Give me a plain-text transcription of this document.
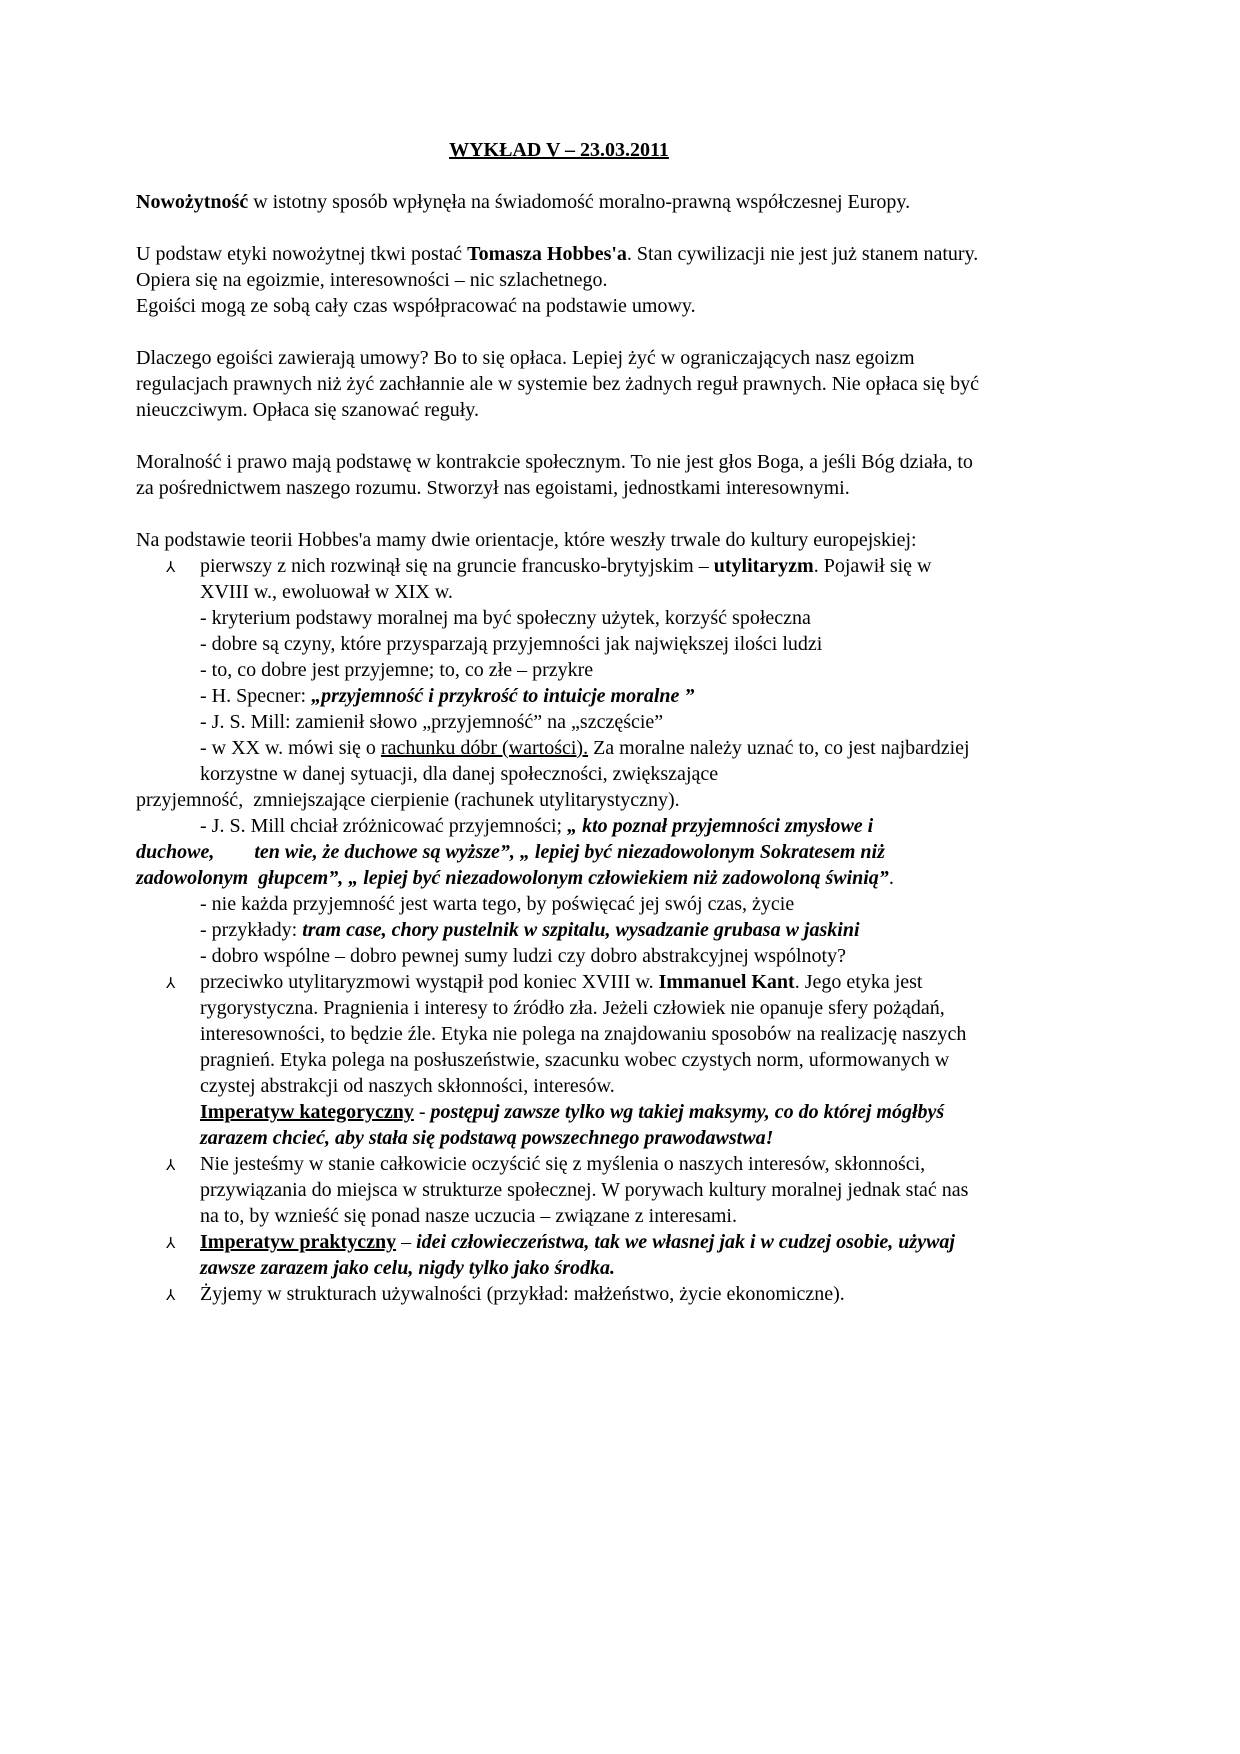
WYKŁAD V – 23.03.2011
Nowożytność w istotny sposób wpłynęła na świadomość moralno-prawną współczesnej Europy.
U podstaw etyki nowożytnej tkwi postać Tomasza Hobbes'a. Stan cywilizacji nie jest już stanem natury. Opiera się na egoizmie, interesowności – nic szlachetnego.
Egoiści mogą ze sobą cały czas współpracować na podstawie umowy.
Dlaczego egoiści zawierają umowy? Bo to się opłaca. Lepiej żyć w ograniczających nasz egoizm regulacjach prawnych niż żyć zachłannie ale w systemie bez żadnych reguł prawnych. Nie opłaca się być nieuczciwym. Opłaca się szanować reguły.
Moralność i prawo mają podstawę w kontrakcie społecznym. To nie jest głos Boga, a jeśli Bóg działa, to za pośrednictwem naszego rozumu. Stworzył nas egoistami, jednostkami interesownymi.
Na podstawie teorii Hobbes'a mamy dwie orientacje, które weszły trwale do kultury europejskiej:
⅄ pierwszy z nich rozwinął się na gruncie francusko-brytyjskim – utylitaryzm. Pojawił się w XVIII w., ewoluował w XIX w.
- kryterium podstawy moralnej ma być społeczny użytek, korzyść społeczna
- dobre są czyny, które przysparzają przyjemności jak największej ilości ludzi
- to, co dobre jest przyjemne; to, co złe – przykre
- H. Specner: „przyjemność i przykrość to intuicje moralne ”
- J. S. Mill: zamienił słowo „przyjemność” na „szczęście”
- w XX w. mówi się o rachunku dóbr (wartości). Za moralne należy uznać to, co jest najbardziej korzystne w danej sytuacji, dla danej społeczności, zwiększające
przyjemność,  zmniejszające cierpienie (rachunek utylitarystyczny).
- J. S. Mill chciał zróżnicować przyjemności; „ kto poznał przyjemności zmysłowe i
duchowe,        ten wie, że duchowe są wyższe”, „ lepiej być niezadowolonym Sokratesem niż zadowolonym  głupcem”, „ lepiej być niezadowolonym człowiekiem niż zadowoloną świnią”.
- nie każda przyjemność jest warta tego, by poświęcać jej swój czas, życie
- przykłady: tram case, chory pustelnik w szpitalu, wysadzanie grubasa w jaskini
- dobro wspólne – dobro pewnej sumy ludzi czy dobro abstrakcyjnej wspólnoty?
⅄ przeciwko utylitaryzmowi wystąpił pod koniec XVIII w. Immanuel Kant. Jego etyka jest rygorystyczna. Pragnienia i interesy to źródło zła. Jeżeli człowiek nie opanuje sfery pożądań, interesowności, to będzie źle. Etyka nie polega na znajdowaniu sposobów na realizację naszych pragnień. Etyka polega na posłuszeństwie, szacunku wobec czystych norm, uformowanych w czystej abstrakcji od naszych skłonności, interesów.
Imperatyw kategoryczny - postępuj zawsze tylko wg takiej maksymy, co do której mógłbyś zarazem chcieć, aby stała się podstawą powszechnego prawodawstwa!
⅄ Nie jesteśmy w stanie całkowicie oczyścić się z myślenia o naszych interesów, skłonności, przywiązania do miejsca w strukturze społecznej. W porywach kultury moralnej jednak stać nas na to, by wznieść się ponad nasze uczucia – związane z interesami.
⅄ Imperatyw praktyczny – idei człowieczeństwa, tak we własnej jak i w cudzej osobie, używaj zawsze zarazem jako celu, nigdy tylko jako środka.
⅄ Żyjemy w strukturach używalności (przykład: małżeństwo, życie ekonomiczne).
